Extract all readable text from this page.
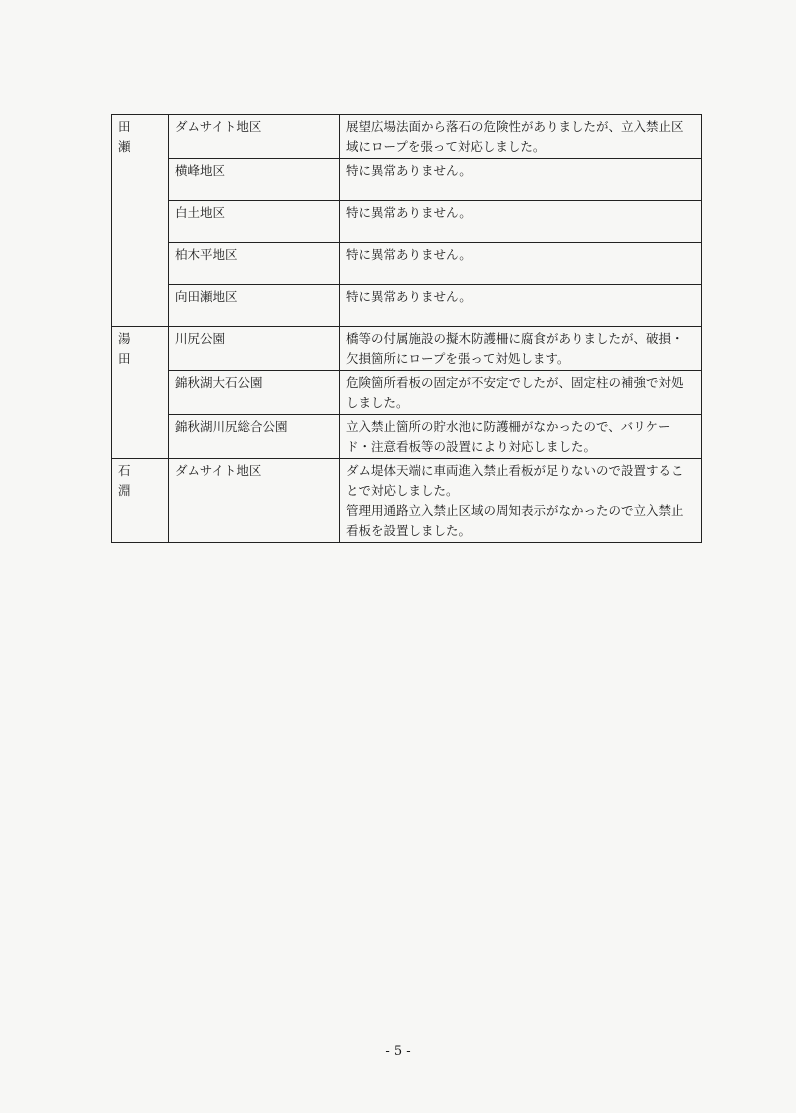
田瀬	ダムサイト地区	展望広場法面から落石の危険性がありましたが、立入禁止区域にロープを張って対応しました。

	横峰地区	特に異常ありません。

	白土地区	特に異常ありません。

	柏木平地区	特に異常ありません。

	向田瀬地区	特に異常ありません。

湯田	川尻公園	橋等の付属施設の擬木防護柵に腐食がありましたが、破損・欠損箇所にロープを張って対処します。

	錦秋湖大石公園	危険箇所看板の固定が不安定でしたが、固定柱の補強で対処しました。

	錦秋湖川尻総合公園	立入禁止箇所の貯水池に防護柵がなかったので、バリケード・注意看板等の設置により対応しました。

石淵	ダムサイト地区	ダム堤体天端に車両進入禁止看板が足りないので設置することで対応しました。

管理用通路立入禁止区域の周知表示がなかったので立入禁止看板を設置しました。

- 5 -
